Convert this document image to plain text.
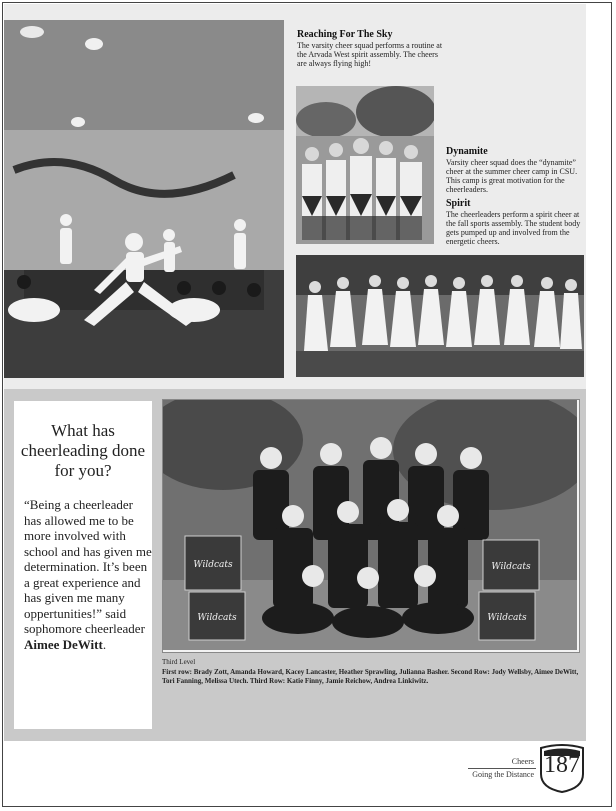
Reaching For The Sky
The varsity cheer squad performs a routine at the Arvada West spirit assembly. The cheers are always flying high!
Dynamite
Varsity cheer squad does the “dynamite” cheer at the summer cheer camp in CSU. This camp is great motivation for the cheerleaders.
Spirit
The cheerleaders perform a spirit cheer at the fall sports assembly. The student body gets pumped up and involved from the energetic cheers.
What has cheerleading done for you?
“Being a cheerleader has allowed me to be more involved with school and has given me determination. It’s been a great experience and has given me many oppertunities!” said sophomore cheerleader Aimee DeWitt.
Wildcats
Wildcats
Wildcats
Wildcats
Third Level
First row: Brady Zott, Amanda Howard, Kacey Lancaster, Heather Sprawling, Julianna Basher. Second Row: Jody Wellsby, Aimee DeWitt, Tori Fanning, Melissa Utech. Third Row: Katie Finny, Jamie Reichow, Andrea Linkiwitz.
Cheers
Going the Distance 187
